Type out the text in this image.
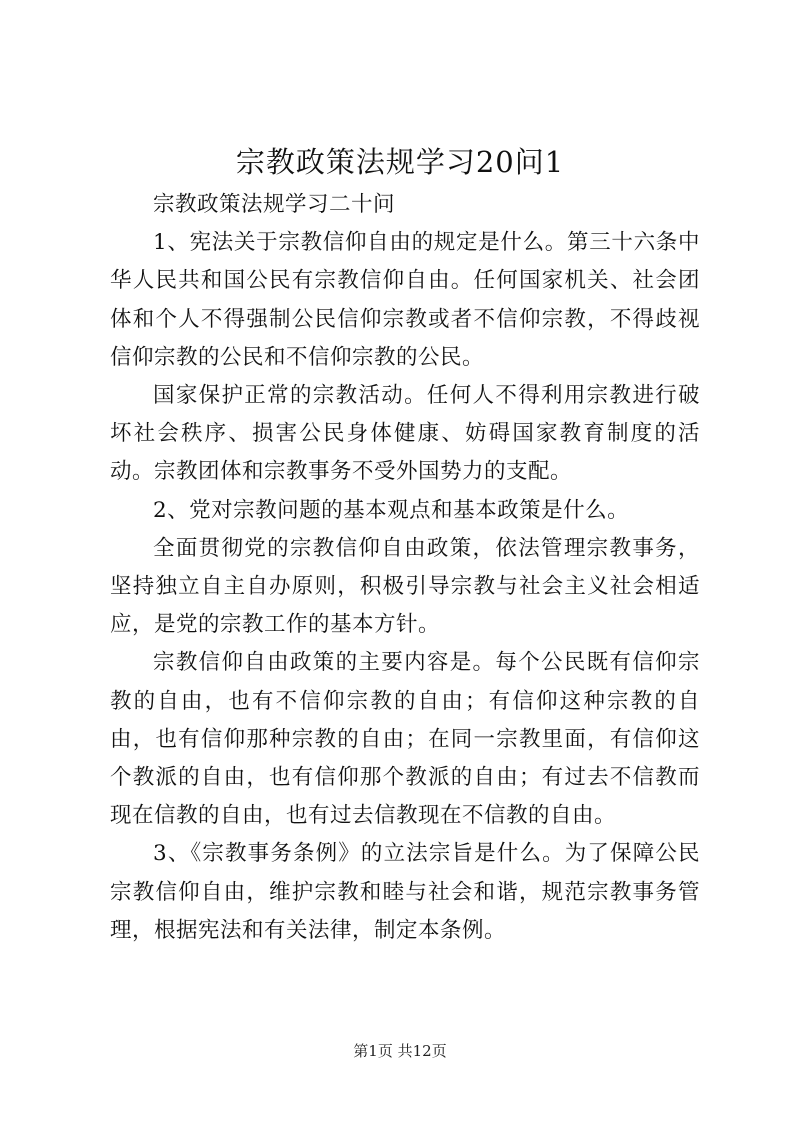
宗教政策法规学习20问1

宗教政策法规学习二十问

1、宪法关于宗教信仰自由的规定是什么。第三十六条中华人民共和国公民有宗教信仰自由。任何国家机关、社会团体和个人不得强制公民信仰宗教或者不信仰宗教，不得歧视信仰宗教的公民和不信仰宗教的公民。

国家保护正常的宗教活动。任何人不得利用宗教进行破坏社会秩序、损害公民身体健康、妨碍国家教育制度的活动。宗教团体和宗教事务不受外国势力的支配。

2、党对宗教问题的基本观点和基本政策是什么。

全面贯彻党的宗教信仰自由政策，依法管理宗教事务，坚持独立自主自办原则，积极引导宗教与社会主义社会相适应，是党的宗教工作的基本方针。

宗教信仰自由政策的主要内容是。每个公民既有信仰宗教的自由，也有不信仰宗教的自由；有信仰这种宗教的自由，也有信仰那种宗教的自由；在同一宗教里面，有信仰这个教派的自由，也有信仰那个教派的自由；有过去不信教而现在信教的自由，也有过去信教现在不信教的自由。

3、《宗教事务条例》的立法宗旨是什么。为了保障公民宗教信仰自由，维护宗教和睦与社会和谐，规范宗教事务管理，根据宪法和有关法律，制定本条例。

第1页 共12页
